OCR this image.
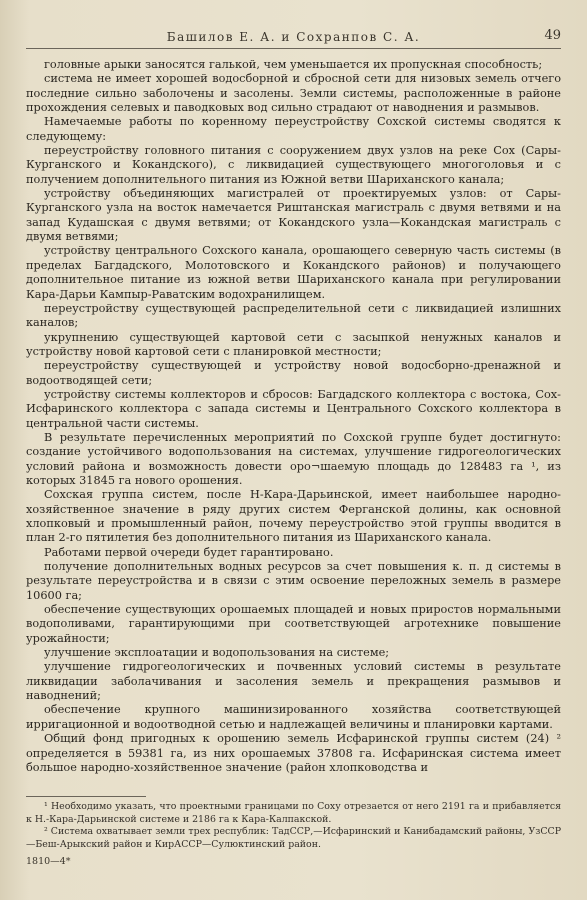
Башилов Е. А. и Сохранпов С. А.	49

головные арыки заносятся галькой, чем уменьшается их пропускная способность;

система не имеет хорошей водосборной и сбросной сети для низовых земель отчего последние сильно заболочены и засолены. Земли системы, расположенные в районе прохождения селевых и паводковых вод сильно страдают от наводнения и размывов.

Намечаемые работы по коренному переустройству Сохской системы сводятся к следующему:

переустройству головного питания с сооружением двух узлов на реке Сох (Сары-Курганского и Кокандского), с ликвидацией существующего многоголовья и с получением дополнительного питания из Южной ветви Шариханского канала;

устройству объединяющих магистралей от проектируемых узлов: от Сары-Курганского узла на восток намечается Риштанская магистраль с двумя ветвями и на запад Кудашская с двумя ветвями; от Кокандского узла—Кокандская магистраль с двумя ветвями;

устройству центрального Сохского канала, орошающего северную часть системы (в пределах Багдадского, Молотовского и Кокандского районов) и получающего дополнительное питание из южной ветви Шариханского канала при регулировании Кара-Дарьи Кампыр-Раватским водохранилищем.

переустройству существующей распределительной сети с ликвидацией излишних каналов;

укрупнению существующей картовой сети с засыпкой ненужных каналов и устройству новой картовой сети с планировкой местности;

переустройству существующей и устройству новой водосборно-дренажной и водоотводящей сети;

устройству системы коллекторов и сбросов: Багдадского коллектора с востока, Сох-Исфаринского коллектора с запада системы и Центрального Сохского коллектора в центральной части системы.

В результате перечисленных мероприятий по Сохской группе будет достигнуто: создание устойчивого водопользования на системах, улучшение гидрогеологических условий района и возможность довести оро¬шаемую площадь до 128483 га ¹, из которых 31845 га нового орошения.

Сохская группа систем, после Н-Кара-Дарьинской, имеет наибольшее народно-хозяйственное значение в ряду других систем Ферганской долины, как основной хлопковый и промышленный район, почему переустройство этой группы вводится в план 2-го пятилетия без дополнительного питания из Шариханского канала.

Работами первой очереди будет гарантировано.

получение дополнительных водных ресурсов за счет повышения к. п. д системы в результате переустройства и в связи с этим освоение переложных земель в размере 10600 га;

обеспечение существующих орошаемых площадей и новых приростов нормальными водополивами, гарантирующими при соответствующей агротехнике повышение урожайности;

улучшение эксплоатации и водопользования на системе;

улучшение гидрогеологических и почвенных условий системы в результате ликвидации заболачивания и засоления земель и прекращения размывов и наводнений;

обеспечение крупного машинизированного хозяйства соответствующей ирригационной и водоотводной сетью и надлежащей величины и планировки картами.

Общий фонд пригодных к орошению земель Исфаринской группы систем (24) ² определяется в 59381 га, из них орошаемых 37808 га. Исфаринская система имеет большое народно-хозяйственное значение (район хлопководства и

¹ Необходимо указать, что проектными границами по Соху отрезается от него 2191 га и прибавляется к Н.-Кара-Дарьинской системе и 2186 га к Кара-Калпакской.

² Система охватывает земли трех республик: ТадССР,—Исфаринский и Канибадамский районы, УзССР—Беш-Арыкский район и КирАССР—Сулюктинский район.

1810—4*
